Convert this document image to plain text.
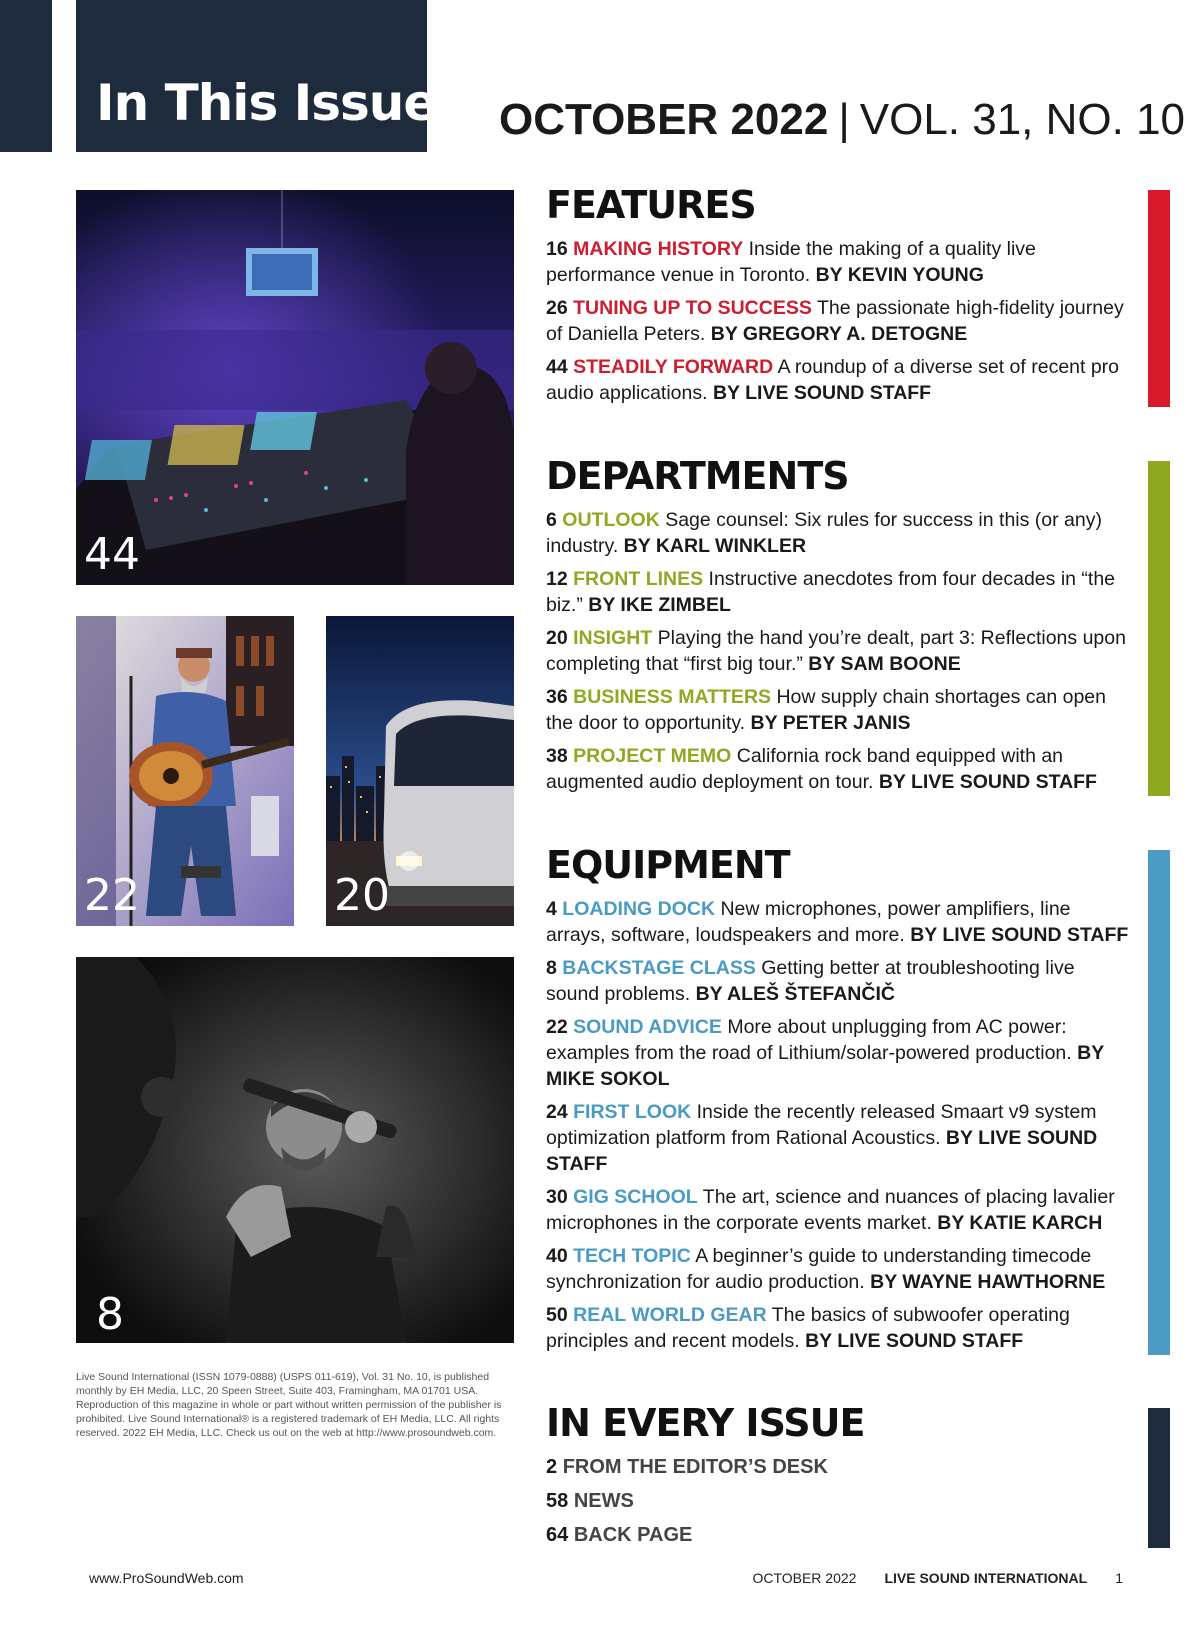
In This Issue OCTOBER 2022 | VOL. 31, NO. 10
44
22	20
8
Live Sound International (ISSN 1079-0888) (USPS 011-619), Vol. 31 No. 10, is published monthly by EH Media, LLC, 20 Speen Street, Suite 403, Framingham, MA 01701 USA. Reproduction of this magazine in whole or part without written permission of the publisher is prohibited. Live Sound International® is a registered trademark of EH Media, LLC. All rights reserved. 2022 EH Media, LLC. Check us out on the web at http://www.prosoundweb.com.
FEATURES
16 MAKING HISTORY Inside the making of a quality live performance venue in Toronto. BY KEVIN YOUNG
26 TUNING UP TO SUCCESS The passionate high-fidelity journey of Daniella Peters. BY GREGORY A. DETOGNE
44 STEADILY FORWARD A roundup of a diverse set of recent pro audio applications. BY LIVE SOUND STAFF
DEPARTMENTS
6 OUTLOOK Sage counsel: Six rules for success in this (or any) industry. BY KARL WINKLER
12 FRONT LINES Instructive anecdotes from four decades in “the biz.” BY IKE ZIMBEL
20 INSIGHT Playing the hand you’re dealt, part 3: Reflections upon completing that “first big tour.” BY SAM BOONE
36 BUSINESS MATTERS How supply chain shortages can open the door to opportunity. BY PETER JANIS
38 PROJECT MEMO California rock band equipped with an augmented audio deployment on tour. BY LIVE SOUND STAFF
EQUIPMENT
4 LOADING DOCK New microphones, power amplifiers, line arrays, software, loudspeakers and more. BY LIVE SOUND STAFF
8 BACKSTAGE CLASS Getting better at troubleshooting live sound problems. BY ALEŠ ŠTEFANČIČ
22 SOUND ADVICE More about unplugging from AC power: examples from the road of Lithium/solar-powered production. BY MIKE SOKOL
24 FIRST LOOK Inside the recently released Smaart v9 system optimization platform from Rational Acoustics. BY LIVE SOUND STAFF
30 GIG SCHOOL The art, science and nuances of placing lavalier microphones in the corporate events market. BY KATIE KARCH
40 TECH TOPIC A beginner’s guide to understanding timecode synchronization for audio production. BY WAYNE HAWTHORNE
50 REAL WORLD GEAR The basics of subwoofer operating principles and recent models. BY LIVE SOUND STAFF
IN EVERY ISSUE
2 FROM THE EDITOR’S DESK
58 NEWS
64 BACK PAGE
www.ProSoundWeb.com	OCTOBER 2022 LIVE SOUND INTERNATIONAL 1
